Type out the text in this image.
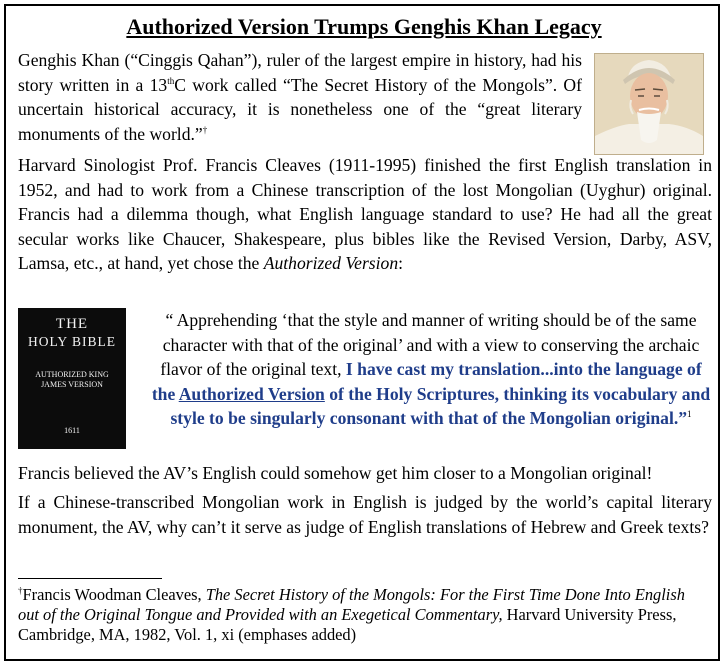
Authorized Version Trumps Genghis Khan Legacy

Genghis Khan (“Cinggis Qahan”), ruler of the largest empire in history, had his story written in a 13thC work called “The Secret History of the Mongols”. Of uncertain historical accuracy, it is nonetheless one of the “great literary monuments of the world.”†

Harvard Sinologist Prof. Francis Cleaves (1911-1995) finished the first English translation in 1952, and had to work from a Chinese transcription of the lost Mongolian (Uyghur) original. Francis had a dilemma though, what English language standard to use? He had all the great secular works like Chaucer, Shakespeare, plus bibles like the Revised Version, Darby, ASV, Lamsa, etc., at hand, yet chose the Authorized Version:

THE
HOLY BIBLE
AUTHORIZED KING JAMES VERSION
1611

“ Apprehending ‘that the style and manner of writing should be of the same character with that of the original’ and with a view to conserving the archaic flavor of the original text, I have cast my translation...into the language of the Authorized Version of the Holy Scriptures, thinking its vocabulary and style to be singularly consonant with that of the Mongolian original.”$^1$

Francis believed the AV’s English could somehow get him closer to a Mongolian original!

If a Chinese-transcribed Mongolian work in English is judged by the world’s capital literary monument, the AV, why can’t it serve as judge of English translations of Hebrew and Greek texts?

†Francis Woodman Cleaves, The Secret History of the Mongols: For the First Time Done Into English out of the Original Tongue and Provided with an Exegetical Commentary, Harvard University Press, Cambridge, MA, 1982, Vol. 1, xi (emphases added)
